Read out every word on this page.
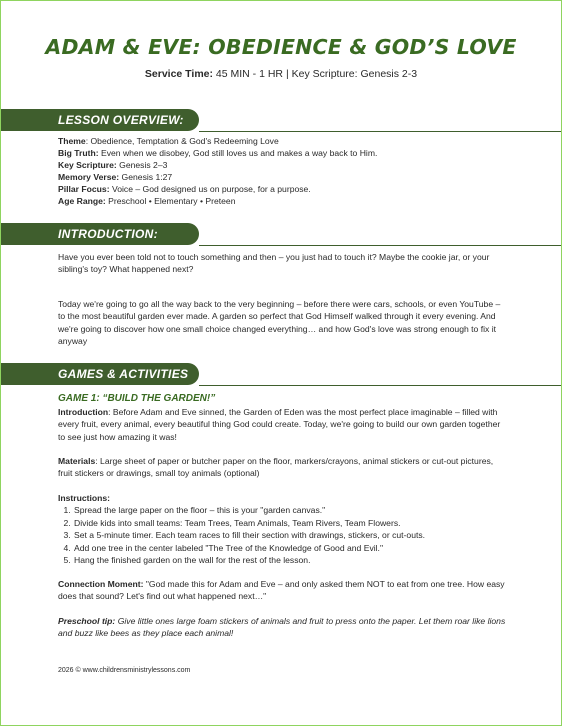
ADAM & EVE: OBEDIENCE & GOD’S LOVE
Service Time: 45 MIN - 1 HR | Key Scripture: Genesis 2-3
LESSON OVERVIEW:
Theme: Obedience, Temptation & God's Redeeming Love
Big Truth: Even when we disobey, God still loves us and makes a way back to Him.
Key Scripture: Genesis 2–3
Memory Verse: Genesis 1:27
Pillar Focus: Voice – God designed us on purpose, for a purpose.
Age Range: Preschool • Elementary • Preteen
INTRODUCTION:
Have you ever been told not to touch something and then – you just had to touch it? Maybe the cookie jar, or your sibling's toy? What happened next?
Today we're going to go all the way back to the very beginning – before there were cars, schools, or even YouTube – to the most beautiful garden ever made. A garden so perfect that God Himself walked through it every evening. And we're going to discover how one small choice changed everything… and how God's love was strong enough to fix it anyway
GAMES & ACTIVITIES
GAME 1: “BUILD THE GARDEN!”
Introduction: Before Adam and Eve sinned, the Garden of Eden was the most perfect place imaginable – filled with every fruit, every animal, every beautiful thing God could create. Today, we're going to build our own garden together to see just how amazing it was!
Materials: Large sheet of paper or butcher paper on the floor, markers/crayons, animal stickers or cut-out pictures, fruit stickers or drawings, small toy animals (optional)
Instructions:
1. Spread the large paper on the floor – this is your "garden canvas."
2. Divide kids into small teams: Team Trees, Team Animals, Team Rivers, Team Flowers.
3. Set a 5-minute timer. Each team races to fill their section with drawings, stickers, or cut-outs.
4. Add one tree in the center labeled "The Tree of the Knowledge of Good and Evil."
5. Hang the finished garden on the wall for the rest of the lesson.
Connection Moment: "God made this for Adam and Eve – and only asked them NOT to eat from one tree. How easy does that sound? Let's find out what happened next…"
Preschool tip: Give little ones large foam stickers of animals and fruit to press onto the paper. Let them roar like lions and buzz like bees as they place each animal!
2026 © www.childrensministrylessons.com
